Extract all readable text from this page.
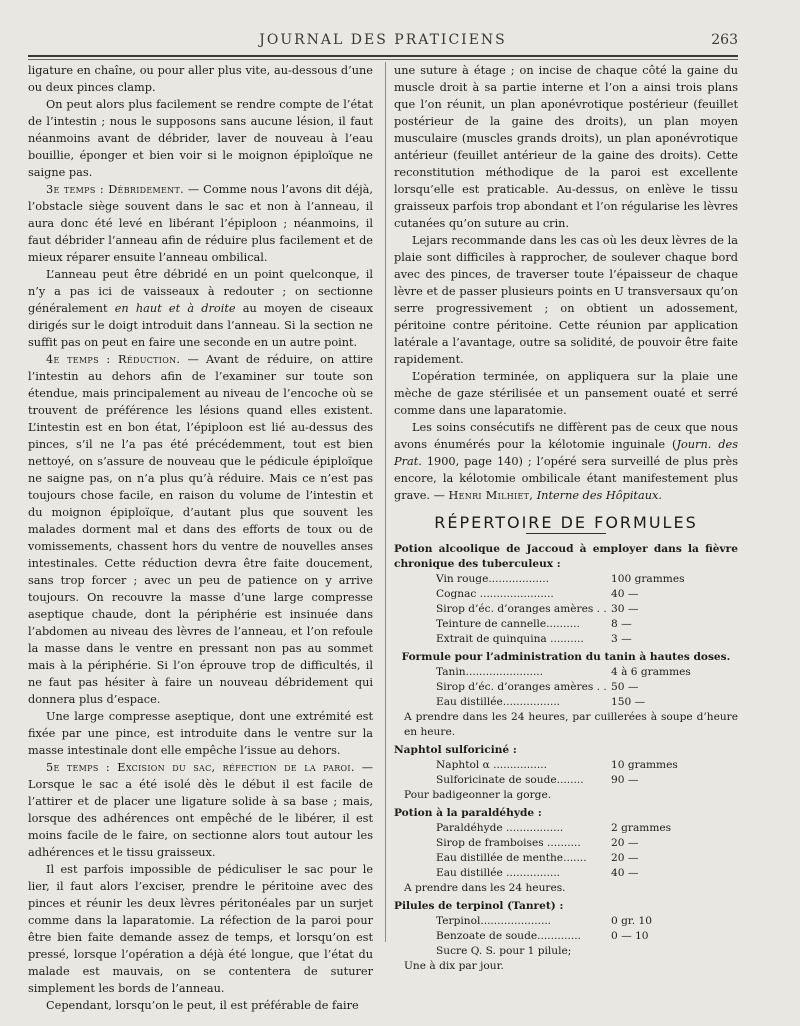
JOURNAL DES PRATICIENS	263

ligature en chaîne, ou pour aller plus vite, au-dessous d’une ou deux pinces clamp.

On peut alors plus facilement se rendre compte de l’état de l’intestin ; nous le supposons sans aucune lésion, il faut néanmoins avant de débrider, laver de nouveau à l’eau bouillie, éponger et bien voir si le moignon épiploïque ne saigne pas.

3e temps : Débridement. — Comme nous l’avons dit déjà, l’obstacle siège souvent dans le sac et non à l’anneau, il aura donc été levé en libérant l’épiploon ; néanmoins, il faut débrider l’anneau afin de réduire plus facilement et de mieux réparer ensuite l’anneau ombilical.

L’anneau peut être débridé en un point quelconque, il n’y a pas ici de vaisseaux à redouter ; on sectionne généralement en haut et à droite au moyen de ciseaux dirigés sur le doigt introduit dans l’anneau. Si la section ne suffit pas on peut en faire une seconde en un autre point.

4e temps : Réduction. — Avant de réduire, on attire l’intestin au dehors afin de l’examiner sur toute son étendue, mais principalement au niveau de l’encoche où se trouvent de préférence les lésions quand elles existent. L’intestin est en bon état, l’épiploon est lié au-dessus des pinces, s’il ne l’a pas été précédemment, tout est bien nettoyé, on s’assure de nouveau que le pédicule épiploïque ne saigne pas, on n’a plus qu’à réduire. Mais ce n’est pas toujours chose facile, en raison du volume de l’intestin et du moignon épiploïque, d’autant plus que souvent les malades dorment mal et dans des efforts de toux ou de vomissements, chassent hors du ventre de nouvelles anses intestinales. Cette réduction devra être faite doucement, sans trop forcer ; avec un peu de patience on y arrive toujours. On recouvre la masse d’une large compresse aseptique chaude, dont la périphérie est insinuée dans l’abdomen au niveau des lèvres de l’anneau, et l’on refoule la masse dans le ventre en pressant non pas au sommet mais à la périphérie. Si l’on éprouve trop de difficultés, il ne faut pas hésiter à faire un nouveau débridement qui donnera plus d’espace.

Une large compresse aseptique, dont une extrémité est fixée par une pince, est introduite dans le ventre sur la masse intestinale dont elle empêche l’issue au dehors.

5e temps : Excision du sac, réfection de la paroi. — Lorsque le sac a été isolé dès le début il est facile de l’attirer et de placer une ligature solide à sa base ; mais, lorsque des adhérences ont empêché de le libérer, il est moins facile de le faire, on sectionne alors tout autour les adhérences et le tissu graisseux.

Il est parfois impossible de pédiculiser le sac pour le lier, il faut alors l’exciser, prendre le péritoine avec des pinces et réunir les deux lèvres péritonéales par un surjet comme dans la laparatomie. La réfection de la paroi pour être bien faite demande assez de temps, et lorsqu’on est pressé, lorsque l’opération a déjà été longue, que l’état du malade est mauvais, on se contentera de suturer simplement les bords de l’anneau.

Cependant, lorsqu’on le peut, il est préférable de faire

une suture à étage ; on incise de chaque côté la gaine du muscle droit à sa partie interne et l’on a ainsi trois plans que l’on réunit, un plan aponévrotique postérieur (feuillet postérieur de la gaine des droits), un plan moyen musculaire (muscles grands droits), un plan aponévrotique antérieur (feuillet antérieur de la gaine des droits). Cette reconstitution méthodique de la paroi est excellente lorsqu’elle est praticable. Au-dessus, on enlève le tissu graisseux parfois trop abondant et l’on régularise les lèvres cutanées qu’on suture au crin.

Lejars recommande dans les cas où les deux lèvres de la plaie sont difficiles à rapprocher, de soulever chaque bord avec des pinces, de traverser toute l’épaisseur de chaque lèvre et de passer plusieurs points en U transversaux qu’on serre progressivement ; on obtient un adossement, péritoine contre péritoine. Cette réunion par application latérale a l’avantage, outre sa solidité, de pouvoir être faite rapidement.

L’opération terminée, on appliquera sur la plaie une mèche de gaze stérilisée et un pansement ouaté et serré comme dans une laparatomie.

Les soins consécutifs ne diffèrent pas de ceux que nous avons énumérés pour la kélotomie inguinale (Journ. des Prat. 1900, page 140) ; l’opéré sera surveillé de plus près encore, la kélotomie ombilicale étant manifestement plus grave. — Henri Milhiet, Interne des Hôpitaux.

RÉPERTOIRE DE FORMULES
Potion alcoolique de Jaccoud à employer dans la fièvre chronique des tuberculeux :
Vin rouge..................	100 grammes
Cognac ......................	40 —
Sirop d’éc. d’oranges amères . . 30 —
Teinture de cannelle..........	8 —
Extrait de quinquina ..........	3 —
Formule pour l’administration du tanin à hautes doses.
Tanin.......................	4 à 6 grammes
Sirop d’éc. d’oranges amères . . 50 —
Eau distillée.................	150 —
A prendre dans les 24 heures, par cuillerées à soupe d’heure en heure.
Naphtol sulforiciné :
Naphtol α ................	10 grammes
Sulforicinate de soude........	90 —
Pour badigeonner la gorge.
Potion à la paraldéhyde :
Paraldéhyde .................	2 grammes
Sirop de framboises ..........	20 —
Eau distillée de menthe.......	20 —
Eau distillée ................	40 —
A prendre dans les 24 heures.
Pilules de terpinol (Tanret) :
Terpinol.....................	0 gr. 10
Benzoate de soude.............	0 — 10
Sucre Q. S. pour 1 pilule;
Une à dix par jour.
